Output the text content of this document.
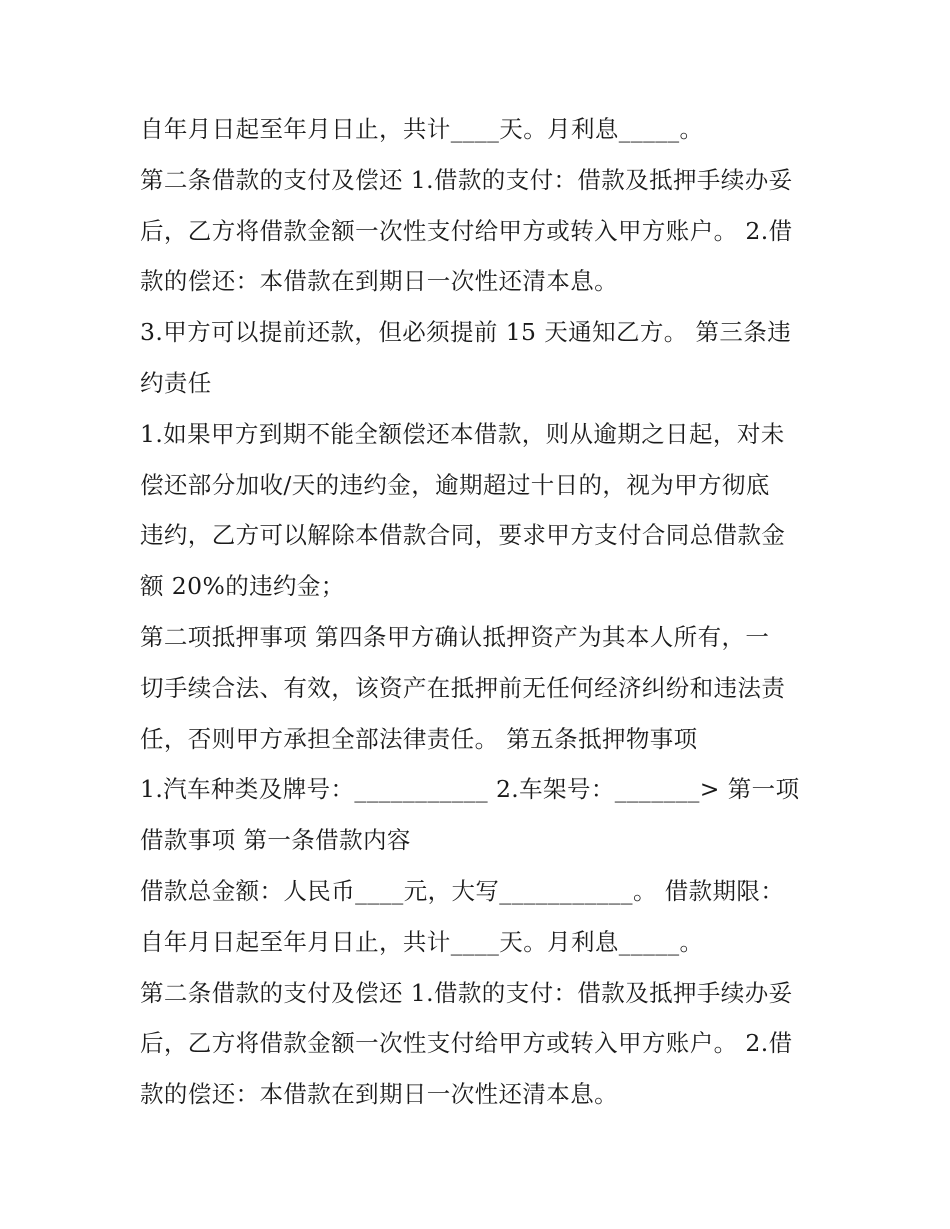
自年月日起至年月日止，共计____天。月利息_____。
第二条借款的支付及偿还 1.借款的支付：借款及抵押手续办妥
后，乙方将借款金额一次性支付给甲方或转入甲方账户。 2.借
款的偿还：本借款在到期日一次性还清本息。
3.甲方可以提前还款，但必须提前 15 天通知乙方。 第三条违
约责任
1.如果甲方到期不能全额偿还本借款，则从逾期之日起，对未
偿还部分加收/天的违约金，逾期超过十日的，视为甲方彻底
违约，乙方可以解除本借款合同，要求甲方支付合同总借款金
额 20%的违约金；
第二项抵押事项 第四条甲方确认抵押资产为其本人所有，一
切手续合法、有效，该资产在抵押前无任何经济纠纷和违法责
任，否则甲方承担全部法律责任。 第五条抵押物事项
1.汽车种类及牌号：___________ 2.车架号：_______> 第一项
借款事项 第一条借款内容
借款总金额：人民币____元，大写___________。 借款期限：
自年月日起至年月日止，共计____天。月利息_____。
第二条借款的支付及偿还 1.借款的支付：借款及抵押手续办妥
后，乙方将借款金额一次性支付给甲方或转入甲方账户。 2.借
款的偿还：本借款在到期日一次性还清本息。
